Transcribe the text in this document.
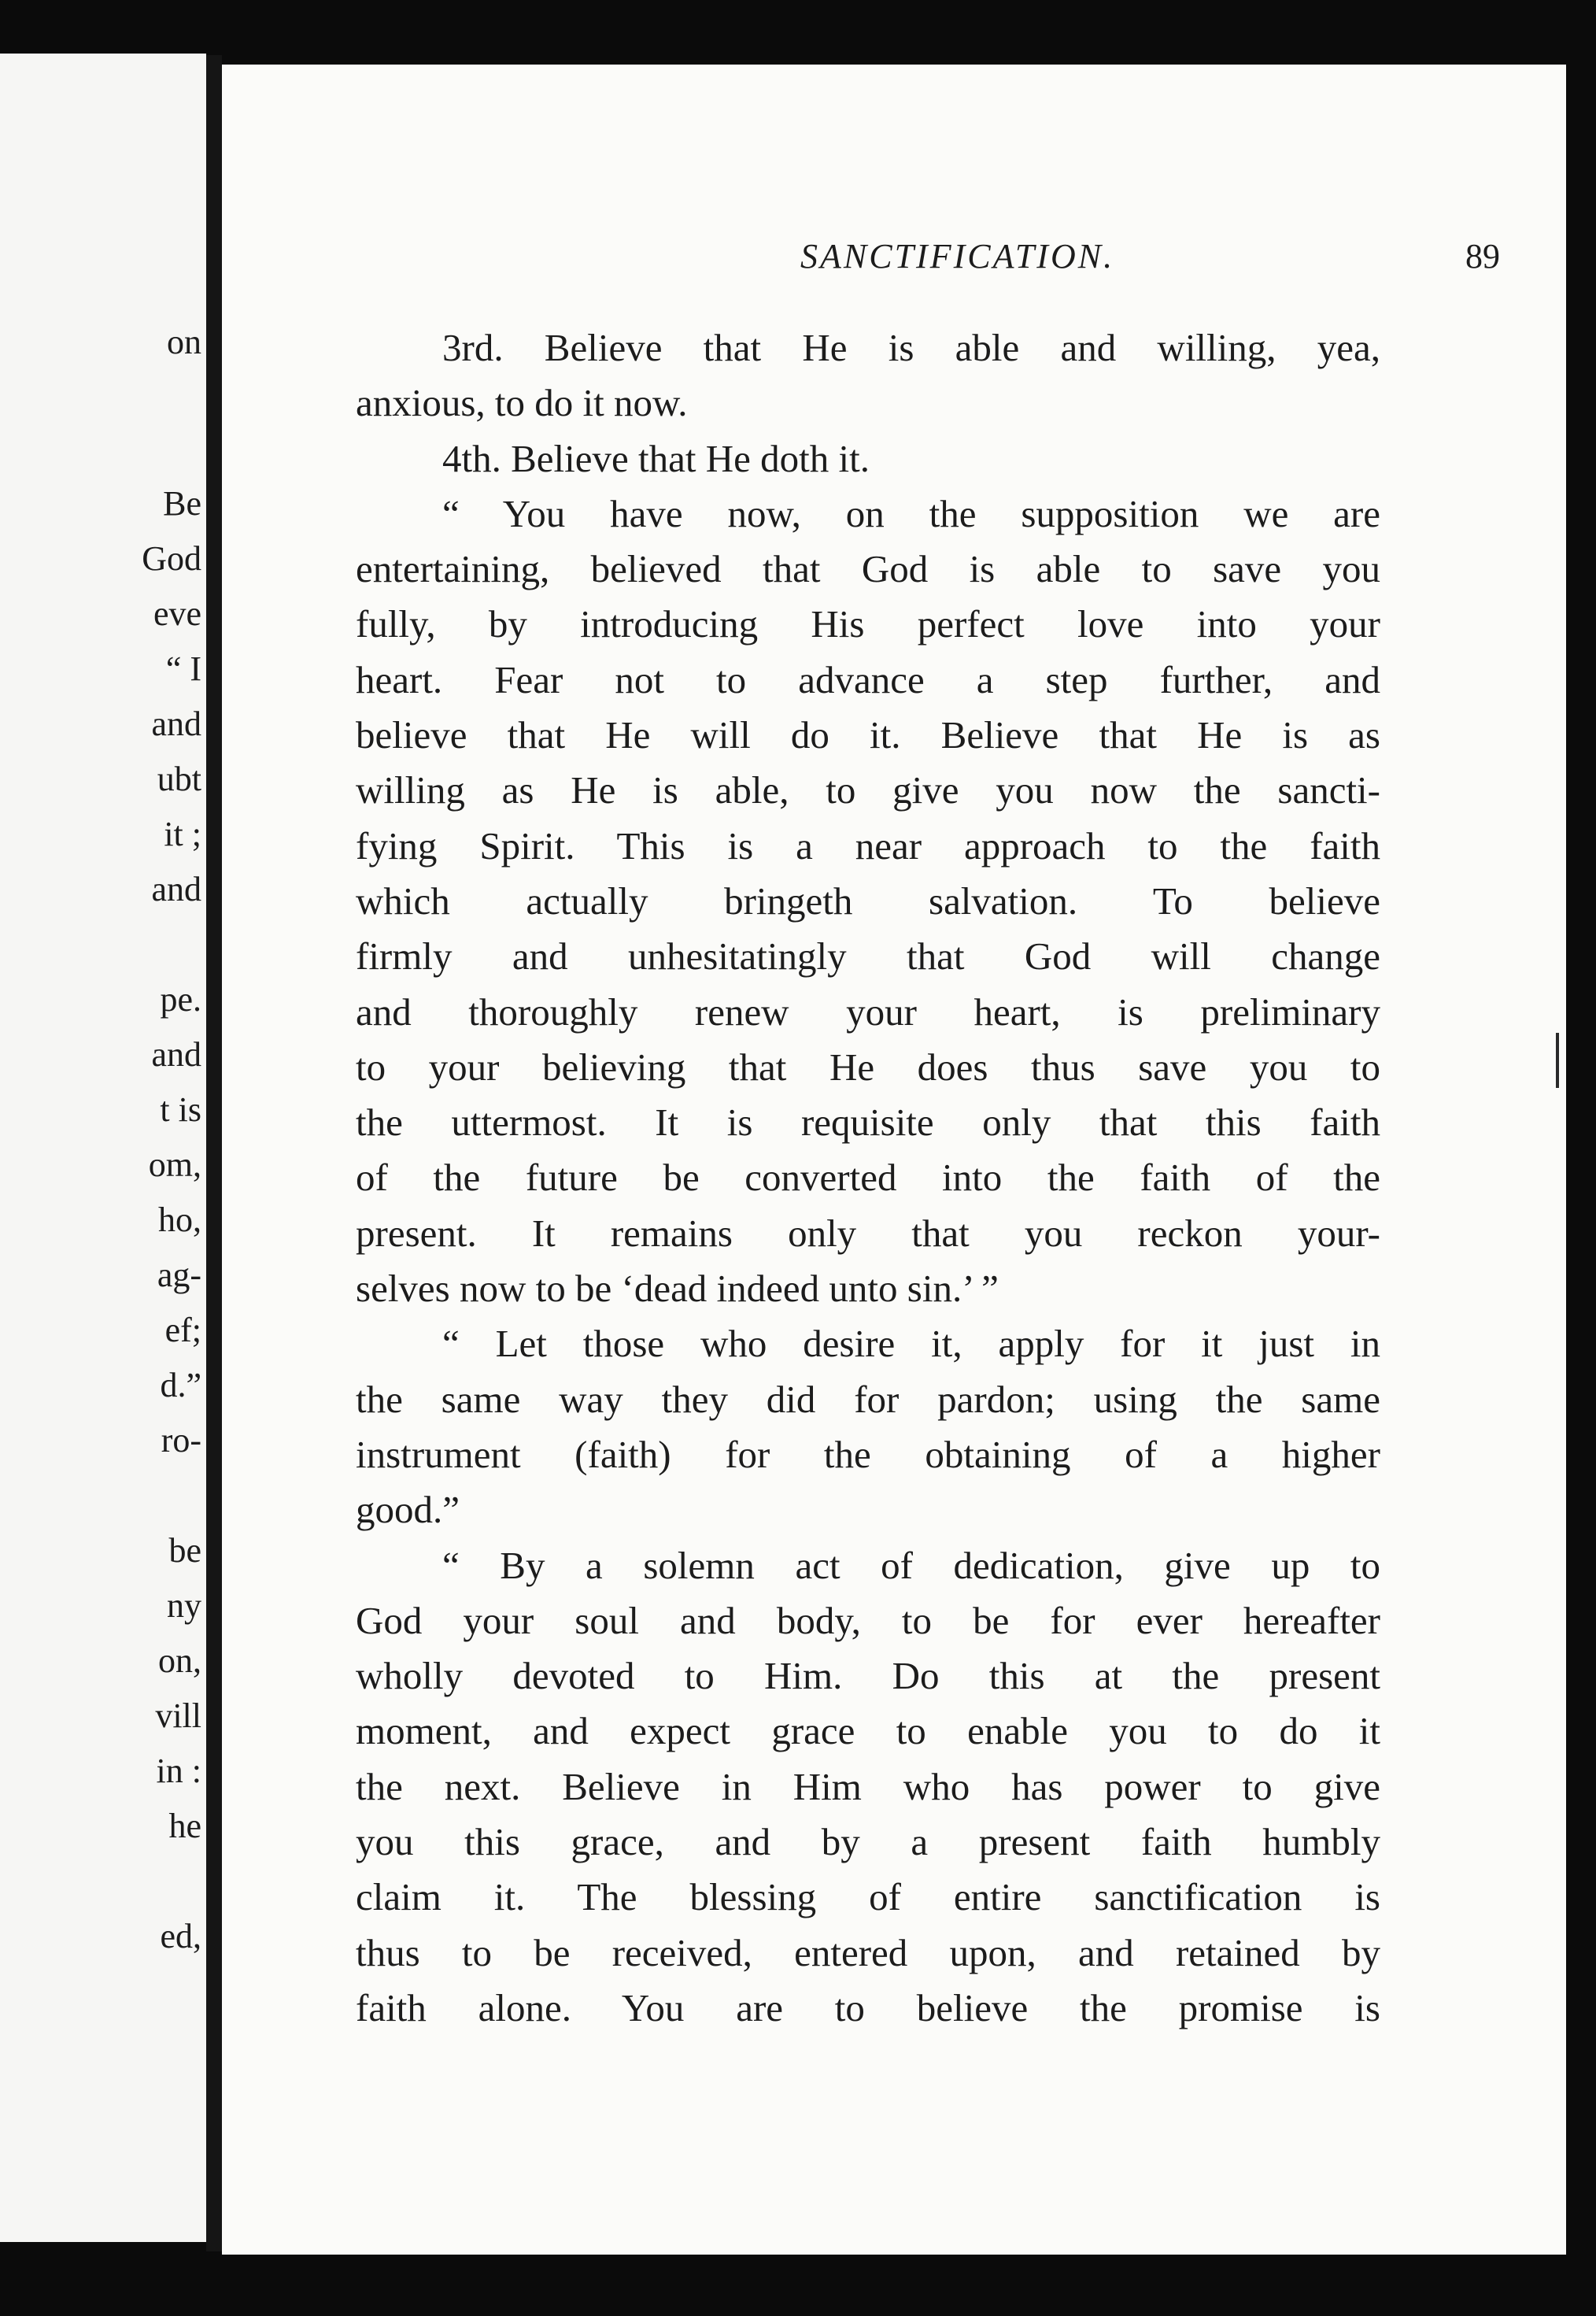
on
Be
God
eve
“ I
and
ubt
it ;
and
pe.
and
t is
om,
ho,
ag-
ef;
d.”
ro-
be
ny
on,
vill
in :
he
ed,
SANCTIFICATION.	89
3rd. Believe that He is able and willing, yea,
anxious, to do it now.
4th. Believe that He doth it.
“ You have now, on the supposition we are
entertaining, believed that God is able to save you
fully, by introducing His perfect love into your
heart. Fear not to advance a step further, and
believe that He will do it. Believe that He is as
willing as He is able, to give you now the sancti-
fying Spirit. This is a near approach to the faith
which actually bringeth salvation. To believe
firmly and unhesitatingly that God will change
and thoroughly renew your heart, is preliminary
to your believing that He does thus save you to
the uttermost. It is requisite only that this faith
of the future be converted into the faith of the
present. It remains only that you reckon your-
selves now to be ‘dead indeed unto sin.’ ”
“ Let those who desire it, apply for it just in
the same way they did for pardon; using the same
instrument (faith) for the obtaining of a higher
good.”
“ By a solemn act of dedication, give up to
God your soul and body, to be for ever hereafter
wholly devoted to Him. Do this at the present
moment, and expect grace to enable you to do it
the next. Believe in Him who has power to give
you this grace, and by a present faith humbly
claim it. The blessing of entire sanctification is
thus to be received, entered upon, and retained by
faith alone. You are to believe the promise is
